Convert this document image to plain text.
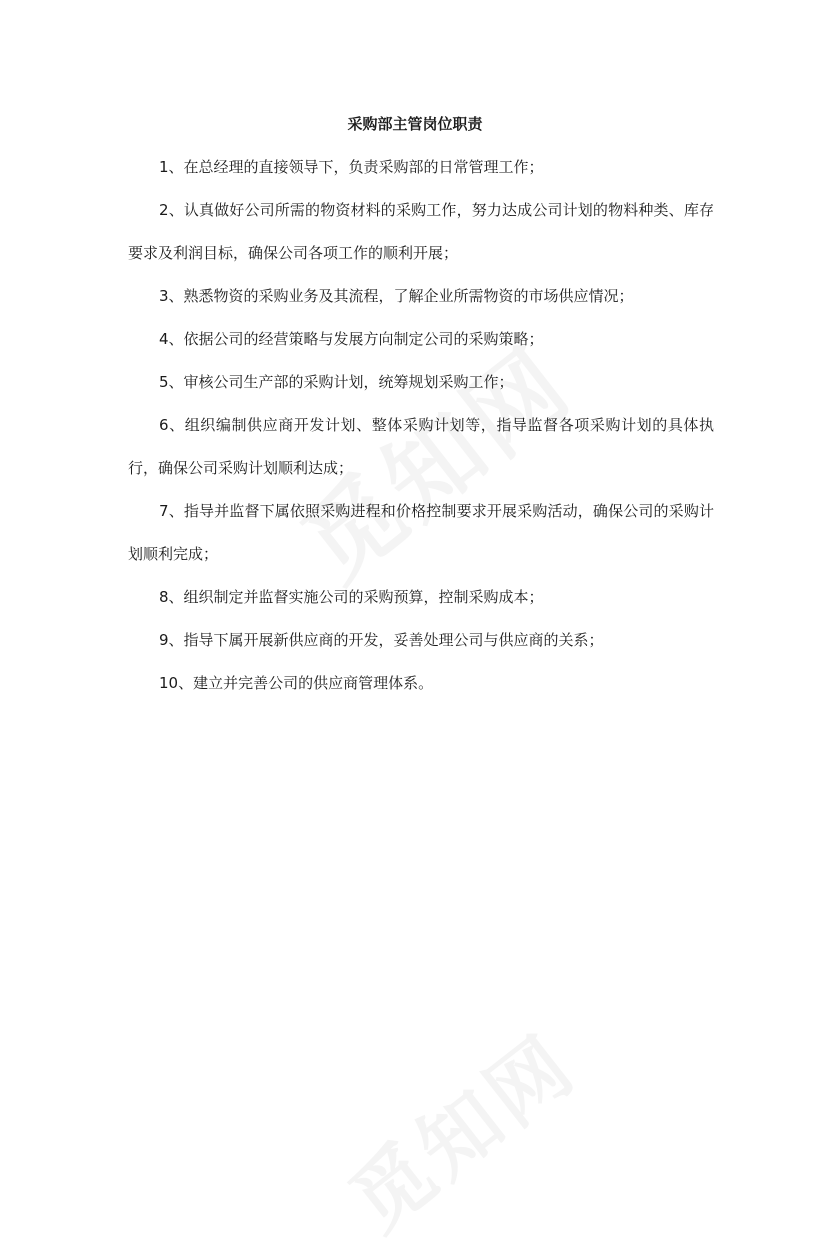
采购部主管岗位职责

1、在总经理的直接领导下，负责采购部的日常管理工作；

2、认真做好公司所需的物资材料的采购工作，努力达成公司计划的物料种类、库存要求及利润目标，确保公司各项工作的顺利开展；

3、熟悉物资的采购业务及其流程，了解企业所需物资的市场供应情况；

4、依据公司的经营策略与发展方向制定公司的采购策略；

5、审核公司生产部的采购计划，统筹规划采购工作；

6、组织编制供应商开发计划、整体采购计划等，指导监督各项采购计划的具体执行，确保公司采购计划顺利达成；

7、指导并监督下属依照采购进程和价格控制要求开展采购活动，确保公司的采购计划顺利完成；

8、组织制定并监督实施公司的采购预算，控制采购成本；

9、指导下属开展新供应商的开发，妥善处理公司与供应商的关系；

10、建立并完善公司的供应商管理体系。
